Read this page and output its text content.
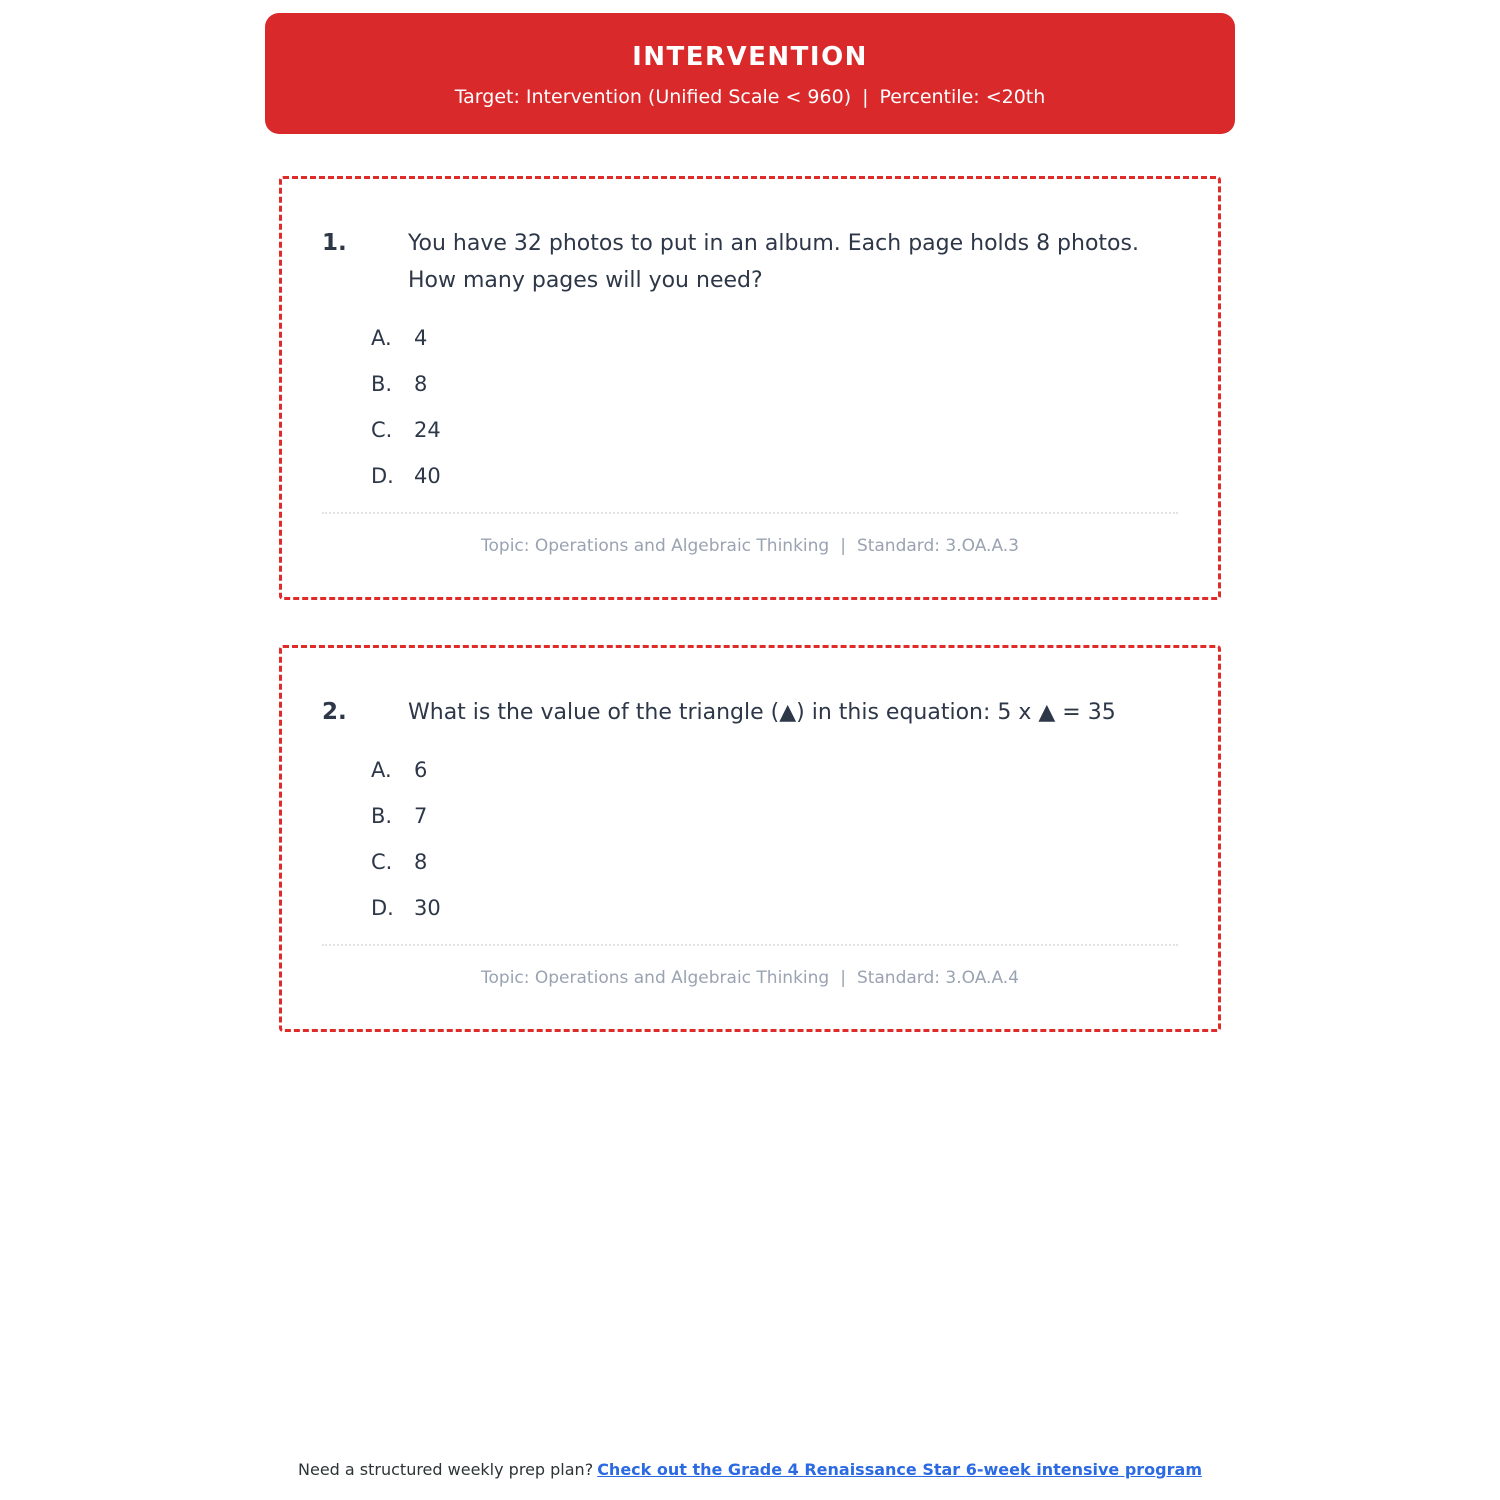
INTERVENTION
Target: Intervention (Unified Scale < 960) | Percentile: <20th
1.	You have 32 photos to put in an album. Each page holds 8 photos. How many pages will you need?
A.	4
B.	8
C.	24
D. 40
Topic: Operations and Algebraic Thinking | Standard: 3.OA.A.3
2.	What is the value of the triangle (▲) in this equation: 5 x ▲ = 35
A.	6
B.	7
C.	8
D. 30
Topic: Operations and Algebraic Thinking | Standard: 3.OA.A.4
Need a structured weekly prep plan? Check out the Grade 4 Renaissance Star 6-week intensive program
